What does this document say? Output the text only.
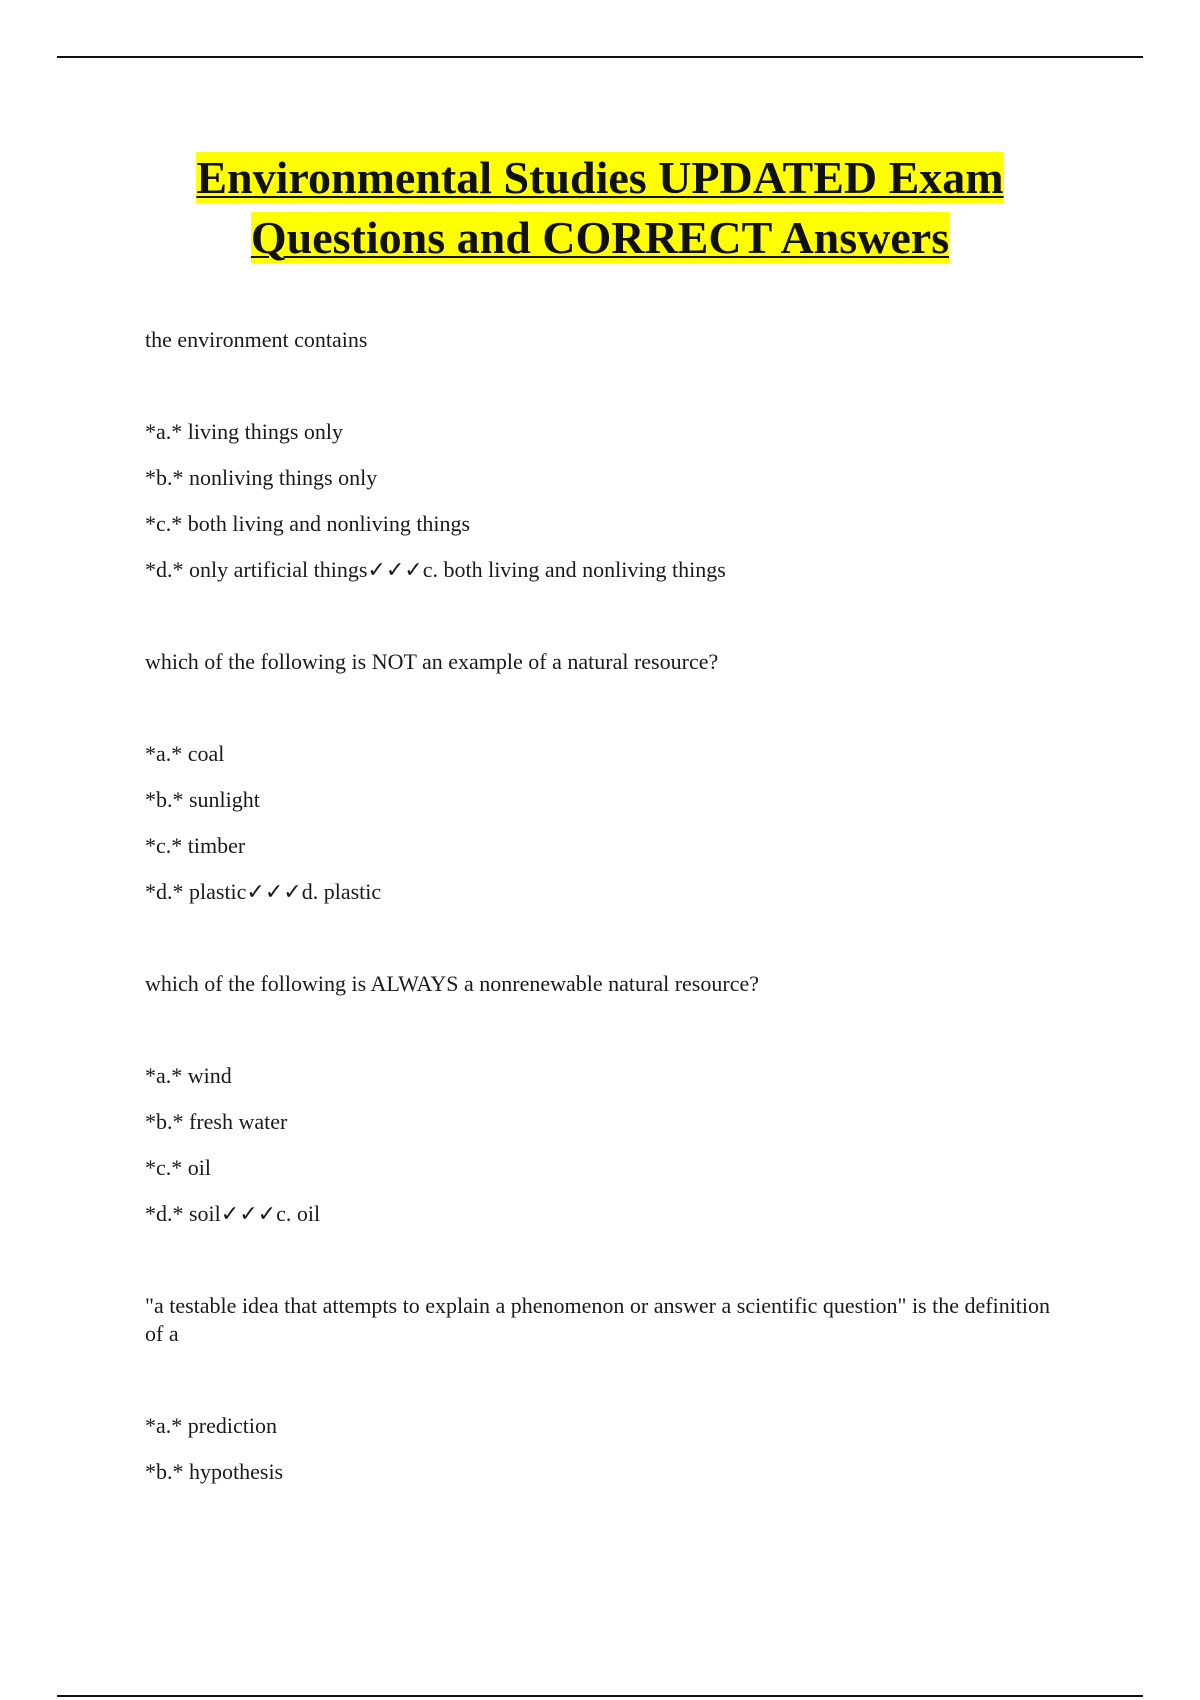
Environmental Studies UPDATED Exam
Questions and CORRECT Answers

the environment contains

*a.* living things only
*b.* nonliving things only
*c.* both living and nonliving things
*d.* only artificial things✓✓✓c. both living and nonliving things

which of the following is NOT an example of a natural resource?

*a.* coal
*b.* sunlight
*c.* timber
*d.* plastic✓✓✓d. plastic

which of the following is ALWAYS a nonrenewable natural resource?

*a.* wind
*b.* fresh water
*c.* oil
*d.* soil✓✓✓c. oil

"a testable idea that attempts to explain a phenomenon or answer a scientific question" is the definition of a

*a.* prediction
*b.* hypothesis
